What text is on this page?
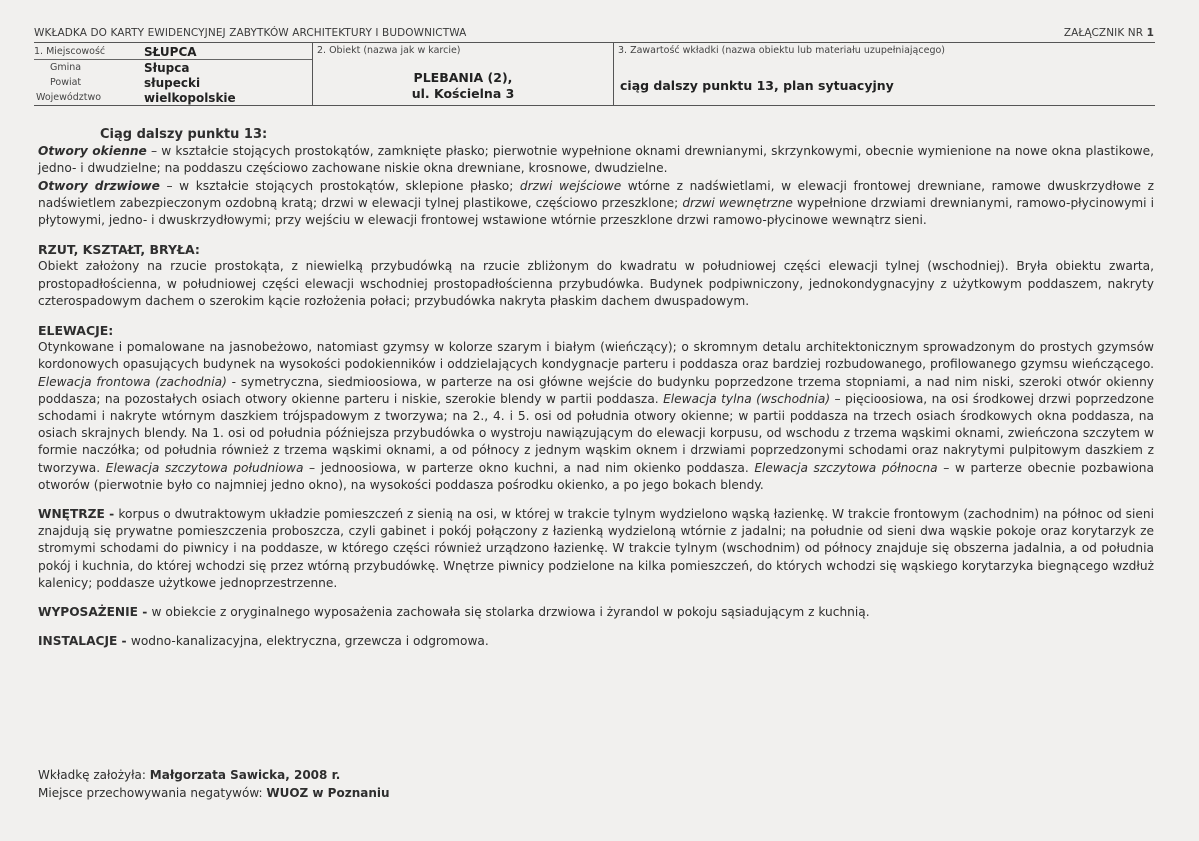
WKŁADKA DO KARTY EWIDENCYJNEJ ZABYTKÓW ARCHITEKTURY I BUDOWNICTWA	ZAŁĄCZNIK NR 1
1. Miejscowość	SŁUPCA
Gmina	Słupca
Powiat	słupecki
Województwo	wielkopolskie
2. Obiekt (nazwa jak w karcie)
PLEBANIA (2),
ul. Kościelna 3
3. Zawartość wkładki (nazwa obiektu lub materiału uzupełniającego)
ciąg dalszy punktu 13, plan sytuacyjny

Ciąg dalszy punktu 13:

Otwory okienne – w kształcie stojących prostokątów, zamknięte płasko; pierwotnie wypełnione oknami drewnianymi, skrzynkowymi, obecnie wymienione na nowe okna plastikowe, jedno- i dwudzielne; na poddaszu częściowo zachowane niskie okna drewniane, krosnowe, dwudzielne.

Otwory drzwiowe – w kształcie stojących prostokątów, sklepione płasko; drzwi wejściowe wtórne z nadświetlami, w elewacji frontowej drewniane, ramowe dwuskrzydłowe z nadświetlem zabezpieczonym ozdobną kratą; drzwi w elewacji tylnej plastikowe, częściowo przeszklone; drzwi wewnętrzne wypełnione drzwiami drewnianymi, ramowo-płycinowymi i płytowymi, jedno- i dwuskrzydłowymi; przy wejściu w elewacji frontowej wstawione wtórnie przeszklone drzwi ramowo-płycinowe wewnątrz sieni.

RZUT, KSZTAŁT, BRYŁA:
Obiekt założony na rzucie prostokąta, z niewielką przybudówką na rzucie zbliżonym do kwadratu w południowej części elewacji tylnej (wschodniej). Bryła obiektu zwarta, prostopadłościenna, w południowej części elewacji wschodniej prostopadłościenna przybudówka. Budynek podpiwniczony, jednokondygnacyjny z użytkowym poddaszem, nakryty czterospadowym dachem o szerokim kącie rozłożenia połaci; przybudówka nakryta płaskim dachem dwuspadowym.

ELEWACJE:
Otynkowane i pomalowane na jasnobeżowo, natomiast gzymsy w kolorze szarym i białym (wieńczący); o skromnym detalu architektonicznym sprowadzonym do prostych gzymsów kordonowych opasujących budynek na wysokości podokienników i oddzielających kondygnacje parteru i poddasza oraz bardziej rozbudowanego, profilowanego gzymsu wieńczącego. Elewacja frontowa (zachodnia) - symetryczna, siedmioosiowa, w parterze na osi główne wejście do budynku poprzedzone trzema stopniami, a nad nim niski, szeroki otwór okienny poddasza; na pozostałych osiach otwory okienne parteru i niskie, szerokie blendy w partii poddasza. Elewacja tylna (wschodnia) – pięcioosiowa, na osi środkowej drzwi poprzedzone schodami i nakryte wtórnym daszkiem trójspadowym z tworzywa; na 2., 4. i 5. osi od południa otwory okienne; w partii poddasza na trzech osiach środkowych okna poddasza, na osiach skrajnych blendy. Na 1. osi od południa późniejsza przybudówka o wystroju nawiązującym do elewacji korpusu, od wschodu z trzema wąskimi oknami, zwieńczona szczytem w formie naczółka; od południa również z trzema wąskimi oknami, a od północy z jednym wąskim oknem i drzwiami poprzedzonymi schodami oraz nakrytymi pulpitowym daszkiem z tworzywa. Elewacja szczytowa południowa – jednoosiowa, w parterze okno kuchni, a nad nim okienko poddasza. Elewacja szczytowa północna – w parterze obecnie pozbawiona otworów (pierwotnie było co najmniej jedno okno), na wysokości poddasza pośrodku okienko, a po jego bokach blendy.

WNĘTRZE - korpus o dwutraktowym układzie pomieszczeń z sienią na osi, w której w trakcie tylnym wydzielono wąską łazienkę. W trakcie frontowym (zachodnim) na północ od sieni znajdują się prywatne pomieszczenia proboszcza, czyli gabinet i pokój połączony z łazienką wydzieloną wtórnie z jadalni; na południe od sieni dwa wąskie pokoje oraz korytarzyk ze stromymi schodami do piwnicy i na poddasze, w którego części również urządzono łazienkę. W trakcie tylnym (wschodnim) od północy znajduje się obszerna jadalnia, a od południa pokój i kuchnia, do której wchodzi się przez wtórną przybudówkę. Wnętrze piwnicy podzielone na kilka pomieszczeń, do których wchodzi się wąskiego korytarzyka biegnącego wzdłuż kalenicy; poddasze użytkowe jednoprzestrzenne.

WYPOSAŻENIE - w obiekcie z oryginalnego wyposażenia zachowała się stolarka drzwiowa i żyrandol w pokoju sąsiadującym z kuchnią.

INSTALACJE - wodno-kanalizacyjna, elektryczna, grzewcza i odgromowa.

Wkładkę założyła: Małgorzata Sawicka, 2008 r.
Miejsce przechowywania negatywów: WUOZ w Poznaniu
